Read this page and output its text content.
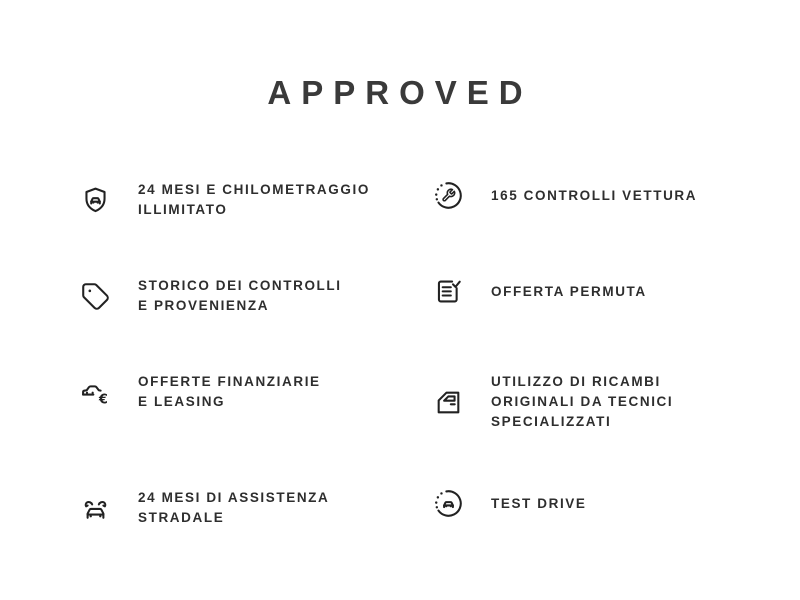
APPROVED
24 MESI E CHILOMETRAGGIO
ILLIMITATO
165 CONTROLLI VETTURA
STORICO DEI CONTROLLI
E PROVENIENZA
OFFERTA PERMUTA
€
OFFERTE FINANZIARIE
E LEASING
UTILIZZO DI RICAMBI
ORIGINALI DA TECNICI
SPECIALIZZATI
24 MESI DI ASSISTENZA
STRADALE
TEST DRIVE
